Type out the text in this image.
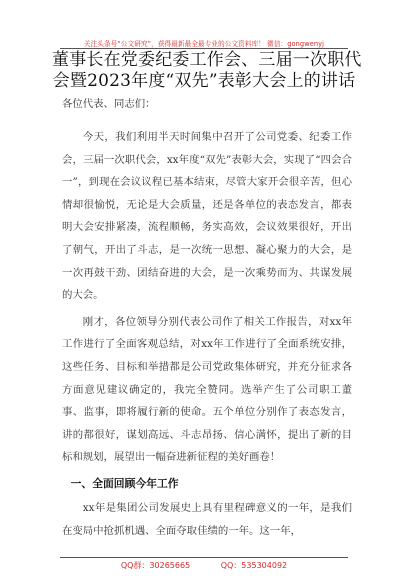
关注头条号“公文研究”，获得最新最全最专业的公文资料库！ 微信：gongwenyj
董事长在党委纪委工作会、三届一次职代
会暨2023年度“双先”表彰大会上的讲话
各位代表、同志们：

今天，我们利用半天时间集中召开了公司党委、纪委工作会，三届一次职代会，xx年度“双先”表彰大会，实现了“四会合一”，到现在会议议程已基本结束，尽管大家开会很辛苦，但心情却很愉悦，无论是大会质量，还是各单位的表态发言，都表明大会安排紧凑，流程顺畅，务实高效，会议效果很好，开出了朝气，开出了斗志，是一次统一思想、凝心聚力的大会，是一次再鼓干劲、团结奋进的大会，是一次乘势而为、共谋发展的大会。

刚才，各位领导分别代表公司作了相关工作报告，对xx年工作进行了全面客观总结，对xx年工作进行了全面系统安排，这些任务、目标和举措都是公司党政集体研究，并充分征求各方面意见建议确定的，我完全赞同。选举产生了公司职工董事、监事，即将履行新的使命。五个单位分别作了表态发言，讲的都很好，谋划高远、斗志昂扬、信心满怀，提出了新的目标和规划，展望出一幅奋进新征程的美好画卷！

一、全面回顾今年工作

xx年是集团公司发展史上具有里程碑意义的一年，是我们在变局中抢抓机遇、全面夺取佳绩的一年。这一年，

QQ群：30265665	QQ：535304092
